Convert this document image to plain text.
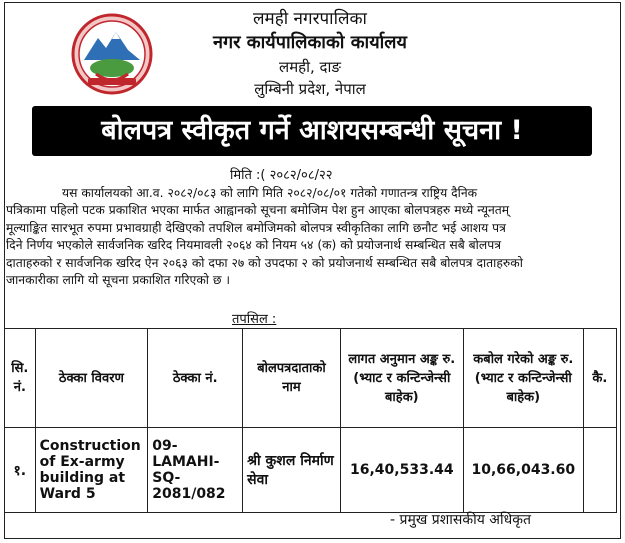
लमही नगरपालिका
नगर कार्यपालिकाको कार्यालय
लमही, दाङ
लुम्बिनी प्रदेश, नेपाल
बोलपत्र स्वीकृत गर्ने आशयसम्बन्धी सूचना !
मिति :( २०८२/०८/२२
यस कार्यालयको आ.व. २०८२/०८३ को लागि मिति २०८२/०८/०१ गतेको गणातन्त्र राष्ट्रिय दैनिक
पत्रिकामा पहिलो पटक प्रकाशित भएका मार्फत आह्वानको सूचना बमोजिम पेश हुन आएका बोलपत्रहरु मध्ये न्यूनतम्
मूल्याङ्कित सारभूत रुपमा प्रभावग्राही देखिएको तपशिल बमोजिमको बोलपत्र स्वीकृतिका लागि छनौट भई आशय पत्र
दिने निर्णय भएकोले सार्वजनिक खरिद नियमावली २०६४ को नियम ५४ (क) को प्रयोजनार्थ सम्बन्धित सबै बोलपत्र
दाताहरुको र सार्वजनिक खरिद ऐन २०६३ को दफा २७ को उपदफा २ को प्रयोजनार्थ सम्बन्धित सबै बोलपत्र दाताहरुको
जानकारीका लागि यो सूचना प्रकाशित गरिएको छ ।
तपसिल :
सि. नं.	ठेक्का विवरण	ठेक्का नं.	बोलपत्रदाताको नाम	लागत अनुमान अङ्क रु. (भ्याट र कन्टिन्जेन्सी बाहेक)	कबोल गरेको अङ्क रु. (भ्याट र कन्टिन्जेन्सी बाहेक)	कै.
१.	Construction of Ex-army building at Ward 5	09-LAMAHI-SQ-2081/082	श्री कुशल निर्माण सेवा	16,40,533.44	10,66,043.60	
- प्रमुख प्रशासकीय अधिकृत
